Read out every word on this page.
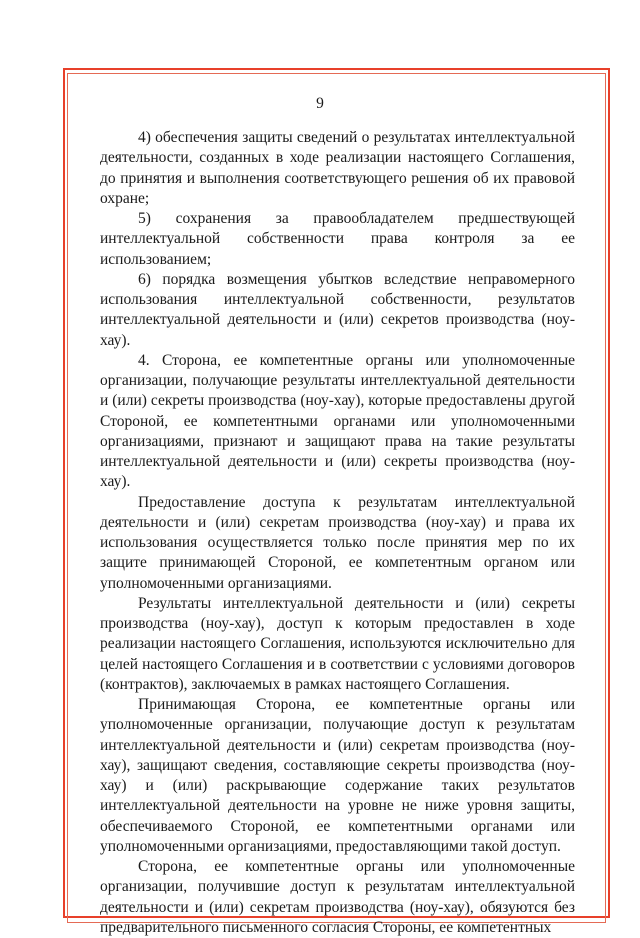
9

4) обеспечения защиты сведений о результатах интеллектуальной деятельности, созданных в ходе реализации настоящего Соглашения, до принятия и выполнения соответствующего решения об их правовой охране;

5) сохранения за правообладателем предшествующей интеллектуальной собственности права контроля за ее использованием;

6) порядка возмещения убытков вследствие неправомерного использования интеллектуальной собственности, результатов интеллектуальной деятельности и (или) секретов производства (ноу-хау).

4. Сторона, ее компетентные органы или уполномоченные организации, получающие результаты интеллектуальной деятельности и (или) секреты производства (ноу-хау), которые предоставлены другой Стороной, ее компетентными органами или уполномоченными организациями, признают и защищают права на такие результаты интеллектуальной деятельности и (или) секреты производства (ноу-хау).

Предоставление доступа к результатам интеллектуальной деятельности и (или) секретам производства (ноу-хау) и права их использования осуществляется только после принятия мер по их защите принимающей Стороной, ее компетентным органом или уполномоченными организациями.

Результаты интеллектуальной деятельности и (или) секреты производства (ноу-хау), доступ к которым предоставлен в ходе реализации настоящего Соглашения, используются исключительно для целей настоящего Соглашения и в соответствии с условиями договоров (контрактов), заключаемых в рамках настоящего Соглашения.

Принимающая Сторона, ее компетентные органы или уполномоченные организации, получающие доступ к результатам интеллектуальной деятельности и (или) секретам производства (ноу-хау), защищают сведения, составляющие секреты производства (ноу-хау) и (или) раскрывающие содержание таких результатов интеллектуальной деятельности на уровне не ниже уровня защиты, обеспечиваемого Стороной, ее компетентными органами или уполномоченными организациями, предоставляющими такой доступ.

Сторона, ее компетентные органы или уполномоченные организации, получившие доступ к результатам интеллектуальной деятельности и (или) секретам производства (ноу-хау), обязуются без предварительного письменного согласия Стороны, ее компетентных
